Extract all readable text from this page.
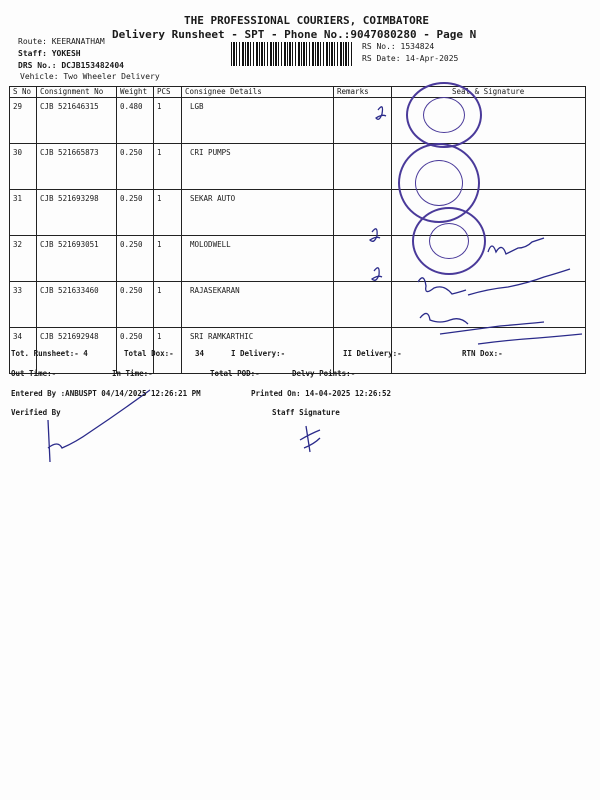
THE PROFESSIONAL COURIERS, COIMBATORE
Delivery Runsheet - SPT - Phone No.:9047080280 - Page N
Route: KEERANATHAM
Staff: YOKESH
DRS No.: DCJB153482404
Vehicle: Two Wheeler Delivery
RS No.: 1534824
RS Date: 14-Apr-2025
S No	Consignment No	Weight	PCS	Consignee Details	Remarks	Seal & Signature
29	CJB 521646315	0.480	1	LGB		
30	CJB 521665873	0.250	1	CRI PUMPS		
31	CJB 521693298	0.250	1	SEKAR AUTO		
32	CJB 521693051	0.250	1	MOLODWELL		
33	CJB 521633460	0.250	1	RAJASEKARAN		
34	CJB 521692948	0.250	1	SRI RAMKARTHIC		
Tot. Runsheet:- 4	Total Dox:-	34	I Delivery:-	II Delivery:-	RTN Dox:-
Out Time:-	In Time:-	Total POD:-	Delvy Points:-
Entered By :ANBUSPT 04/14/2025 12:26:21 PM	Printed On: 14-04-2025 12:26:52
Verified By	Staff Signature
